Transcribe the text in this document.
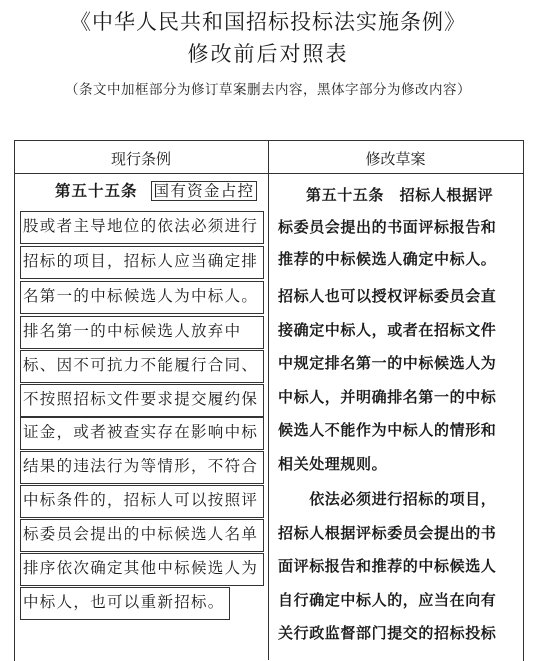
《中华人民共和国招标投标法实施条例》
修改前后对照表
（条文中加框部分为修订草案删去内容，黑体字部分为修改内容）
现行条例	修改草案
第五十五条 国有资金占控
股或者主导地位的依法必须进行
招标的项目，招标人应当确定排
名第一的中标候选人为中标人。
排名第一的中标候选人放弃中
标、因不可抗力不能履行合同、
不按照招标文件要求提交履约保
证金，或者被查实存在影响中标
结果的违法行为等情形，不符合
中标条件的，招标人可以按照评
标委员会提出的中标候选人名单
排序依次确定其他中标候选人为
中标人，也可以重新招标。
第五十五条　招标人根据评
标委员会提出的书面评标报告和
推荐的中标候选人确定中标人。
招标人也可以授权评标委员会直
接确定中标人，或者在招标文件
中规定排名第一的中标候选人为
中标人，并明确排名第一的中标
候选人不能作为中标人的情形和
相关处理规则。
　　依法必须进行招标的项目，
招标人根据评标委员会提出的书
面评标报告和推荐的中标候选人
自行确定中标人的，应当在向有
关行政监督部门提交的招标投标
